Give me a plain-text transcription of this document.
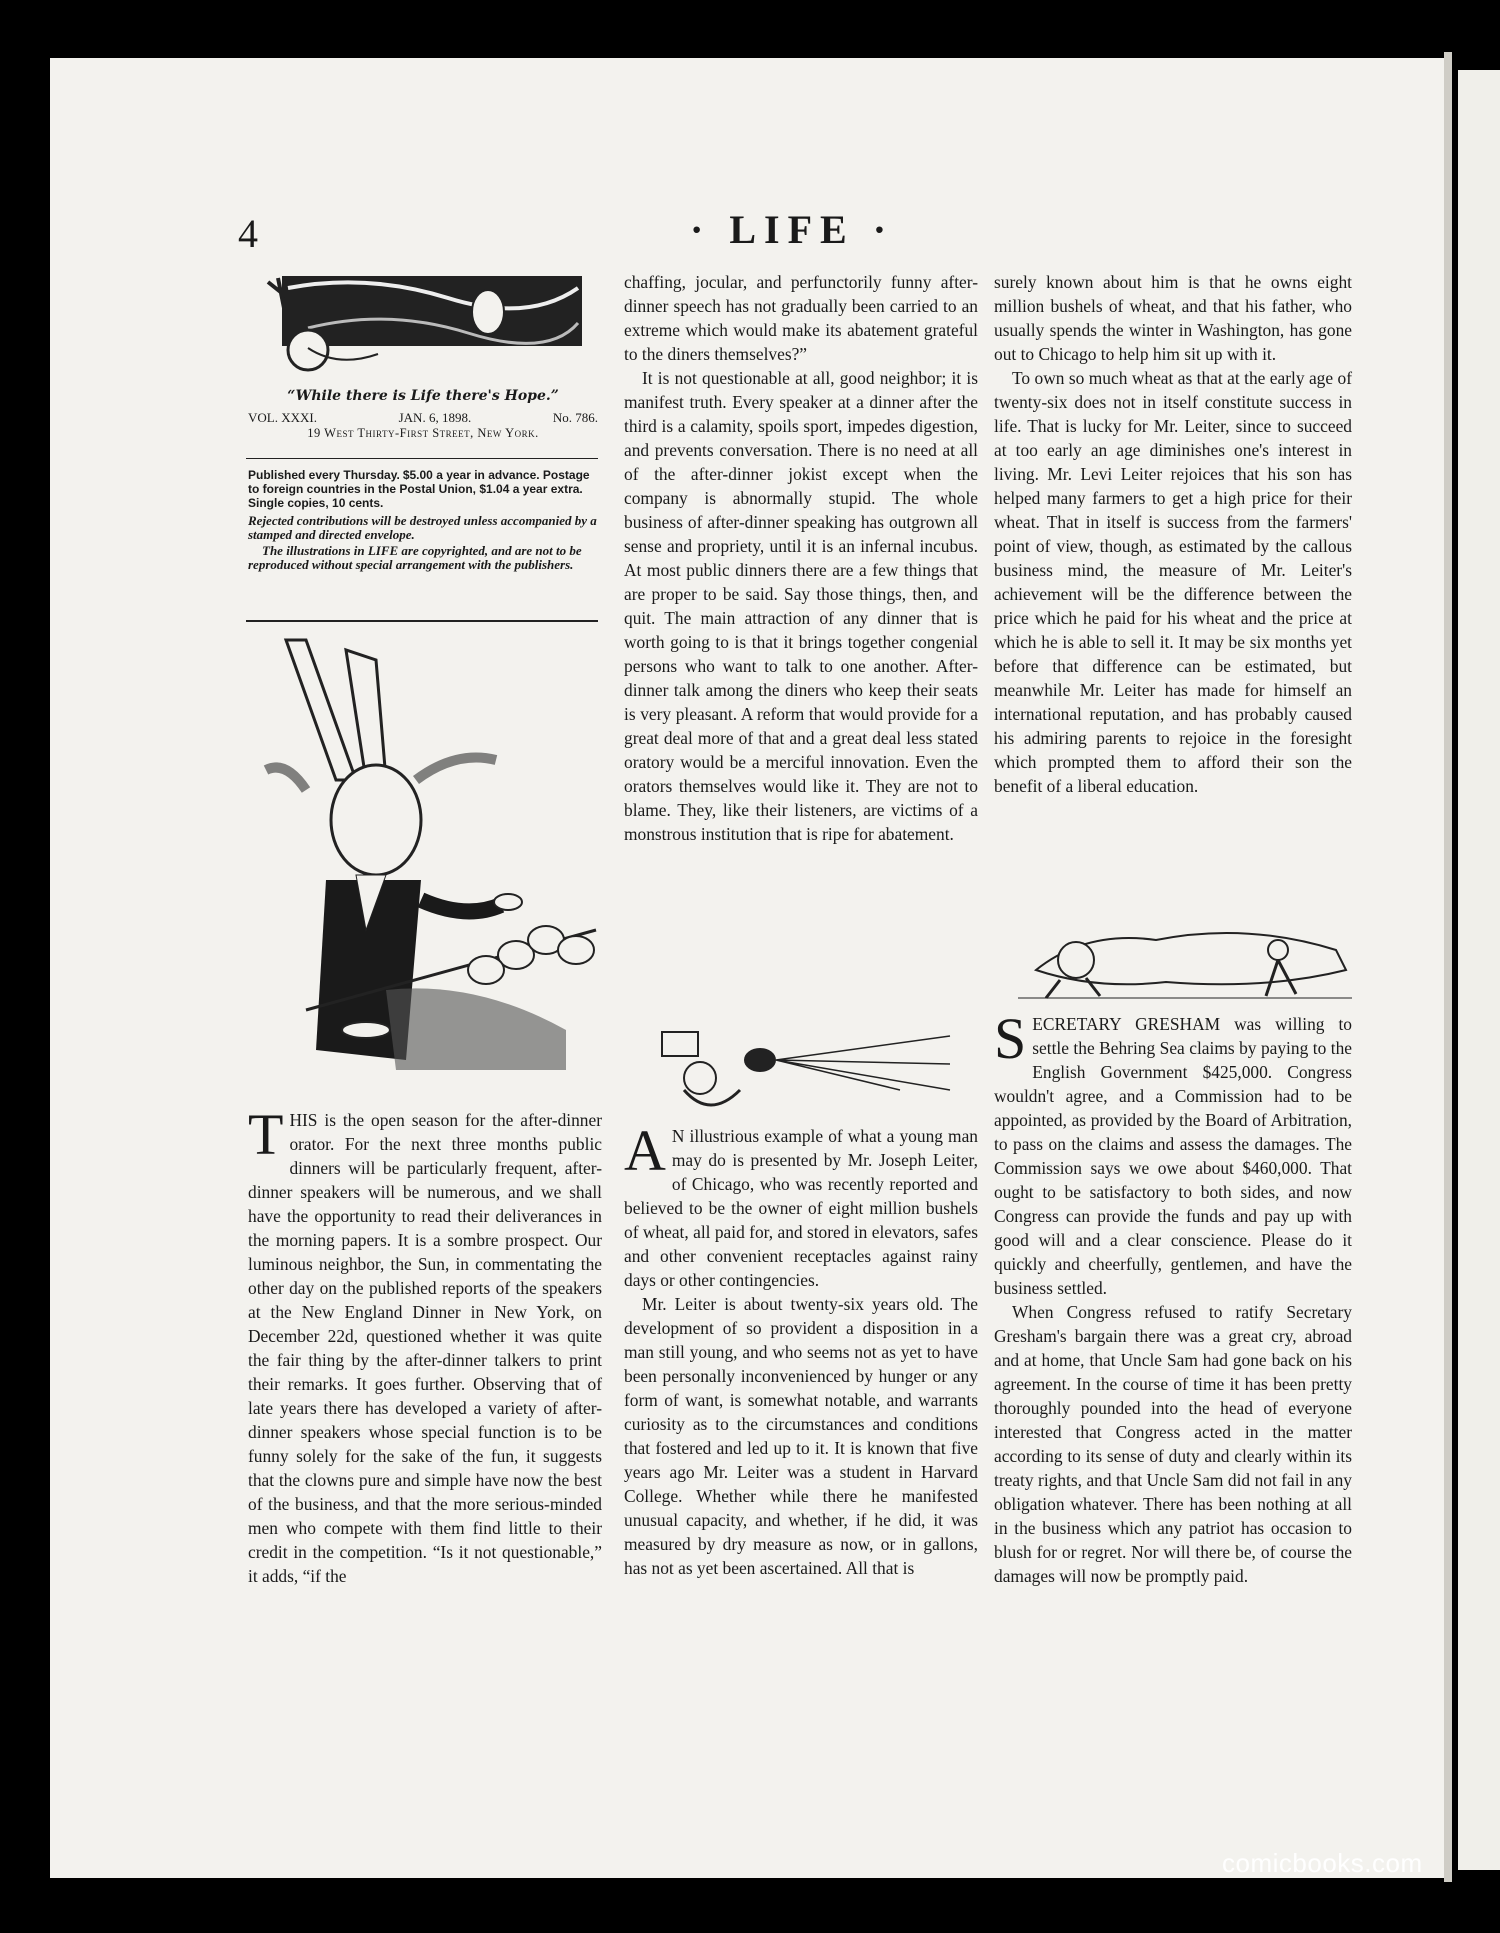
4	· LIFE ·
“While there is Life there's Hope.”
VOL. XXXI.	JAN. 6, 1898.	No. 786.
19 West Thirty-First Street, New York.
Published every Thursday. $5.00 a year in advance. Postage to foreign countries in the Postal Union, $1.04 a year extra. Single copies, 10 cents.
Rejected contributions will be destroyed unless accompanied by a stamped and directed envelope.
The illustrations in LIFE are copyrighted, and are not to be reproduced without special arrangement with the publishers.

THIS is the open season for the after-dinner orator. For the next three months public dinners will be particularly frequent, after-dinner speakers will be numerous, and we shall have the opportunity to read their deliverances in the morning papers. It is a sombre prospect. Our luminous neighbor, the Sun, in commentating the other day on the published reports of the speakers at the New England Dinner in New York, on December 22d, questioned whether it was quite the fair thing by the after-dinner talkers to print their remarks. It goes further. Observing that of late years there has developed a variety of after-dinner speakers whose special function is to be funny solely for the sake of the fun, it suggests that the clowns pure and simple have now the best of the business, and that the more serious-minded men who compete with them find little to their credit in the competition. “Is it not questionable,” it adds, “if the

chaffing, jocular, and perfunctorily funny after-dinner speech has not gradually been carried to an extreme which would make its abatement grateful to the diners themselves?”

It is not questionable at all, good neighbor; it is manifest truth. Every speaker at a dinner after the third is a calamity, spoils sport, impedes digestion, and prevents conversation. There is no need at all of the after-dinner jokist except when the company is abnormally stupid. The whole business of after-dinner speaking has outgrown all sense and propriety, until it is an infernal incubus. At most public dinners there are a few things that are proper to be said. Say those things, then, and quit. The main attraction of any dinner that is worth going to is that it brings together congenial persons who want to talk to one another. After-dinner talk among the diners who keep their seats is very pleasant. A reform that would provide for a great deal more of that and a great deal less stated oratory would be a merciful innovation. Even the orators themselves would like it. They are not to blame. They, like their listeners, are victims of a monstrous institution that is ripe for abatement.

A N illustrious example of what a young man may do is presented by Mr. Joseph Leiter, of Chicago, who was recently reported and believed to be the owner of eight million bushels of wheat, all paid for, and stored in elevators, safes and other convenient receptacles against rainy days or other contingencies.

Mr. Leiter is about twenty-six years old. The development of so provident a disposition in a man still young, and who seems not as yet to have been personally inconvenienced by hunger or any form of want, is somewhat notable, and warrants curiosity as to the circumstances and conditions that fostered and led up to it. It is known that five years ago Mr. Leiter was a student in Harvard College. Whether while there he manifested unusual capacity, and whether, if he did, it was measured by dry measure as now, or in gallons, has not as yet been ascertained. All that is

surely known about him is that he owns eight million bushels of wheat, and that his father, who usually spends the winter in Washington, has gone out to Chicago to help him sit up with it.

To own so much wheat as that at the early age of twenty-six does not in itself constitute success in life. That is lucky for Mr. Leiter, since to succeed at too early an age diminishes one's interest in living. Mr. Levi Leiter rejoices that his son has helped many farmers to get a high price for their wheat. That in itself is success from the farmers' point of view, though, as estimated by the callous business mind, the measure of Mr. Leiter's achievement will be the difference between the price which he paid for his wheat and the price at which he is able to sell it. It may be six months yet before that difference can be estimated, but meanwhile Mr. Leiter has made for himself an international reputation, and has probably caused his admiring parents to rejoice in the foresight which prompted them to afford their son the benefit of a liberal education.

SECRETARY GRESHAM was willing to settle the Behring Sea claims by paying to the English Government $425,000. Congress wouldn't agree, and a Commission had to be appointed, as provided by the Board of Arbitration, to pass on the claims and assess the damages. The Commission says we owe about $460,000. That ought to be satisfactory to both sides, and now Congress can provide the funds and pay up with good will and a clear conscience. Please do it quickly and cheerfully, gentlemen, and have the business settled.

When Congress refused to ratify Secretary Gresham's bargain there was a great cry, abroad and at home, that Uncle Sam had gone back on his agreement. In the course of time it has been pretty thoroughly pounded into the head of everyone interested that Congress acted in the matter according to its sense of duty and clearly within its treaty rights, and that Uncle Sam did not fail in any obligation whatever. There has been nothing at all in the business which any patriot has occasion to blush for or regret. Nor will there be, of course the damages will now be promptly paid.

comicbooks.com
